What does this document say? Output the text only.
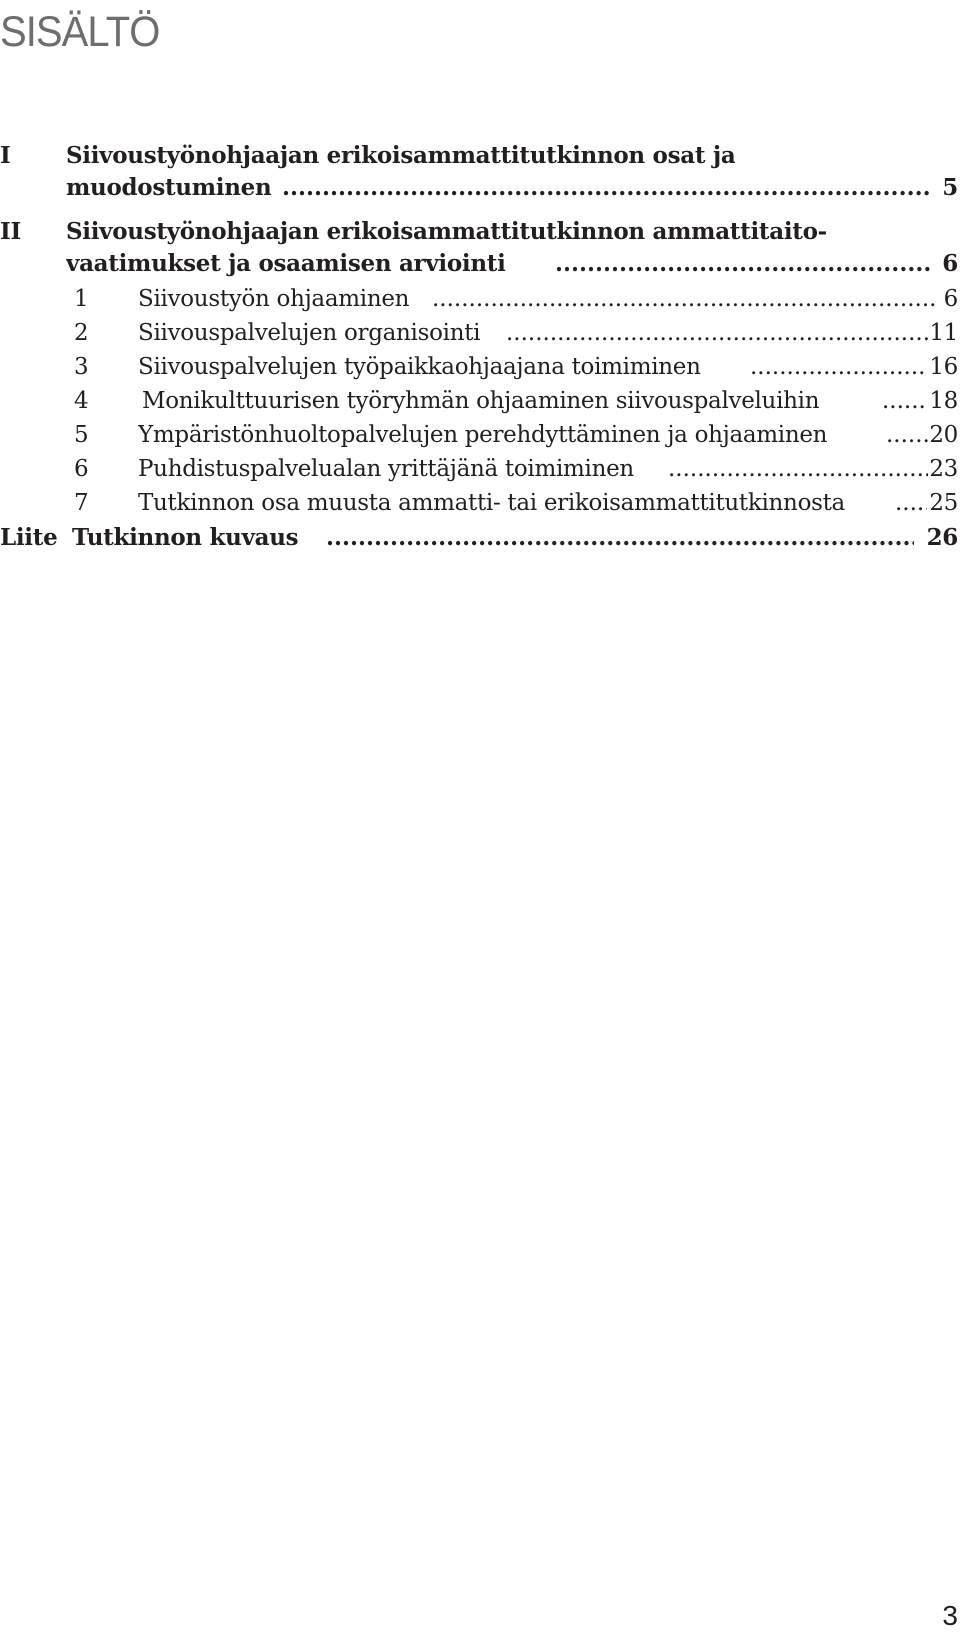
SISÄLTÖ
I Siivoustyönohjaajan erikoisammattitutkinnon osat ja
muodostuminen .....	5
II Siivoustyönohjaajan erikoisammattitutkinnon ammattitaito-
vaatimukset ja osaamisen arviointi .....	6
1 Siivoustyön ohjaaminen .....	6
2 Siivouspalvelujen organisointi .....	11
3 Siivouspalvelujen työpaikkaohjaajana toimiminen .....	16
4 Monikulttuurisen työryhmän ohjaaminen siivouspalveluihin .....	18
5 Ympäristönhuoltopalvelujen perehdyttäminen ja ohjaaminen .....	20
6 Puhdistuspalvelualan yrittäjänä toimiminen .....	23
7 Tutkinnon osa muusta ammatti- tai erikoisammattitutkinnosta .....	25
Liite Tutkinnon kuvaus .....	26
3
